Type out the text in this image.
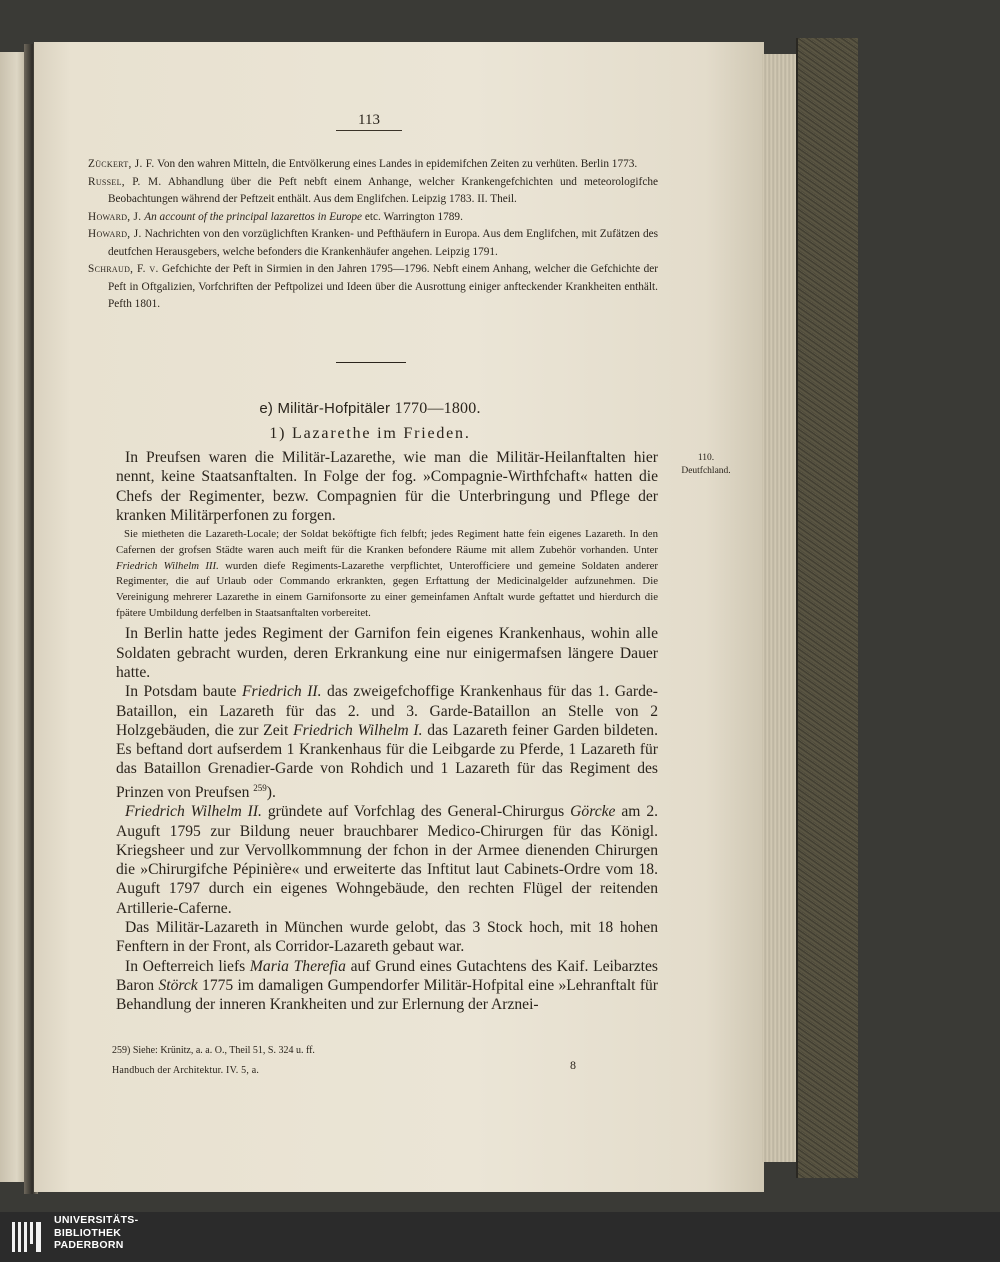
113

Zückert, J. F. Von den wahren Mitteln, die Entvölkerung eines Landes in epidemifchen Zeiten zu verhüten. Berlin 1773.

Russel, P. M. Abhandlung über die Peft nebft einem Anhange, welcher Krankengefchichten und meteorologifche Beobachtungen während der Peftzeit enthält. Aus dem Englifchen. Leipzig 1783. II. Theil.

Howard, J. An account of the principal lazarettos in Europe etc. Warrington 1789.

Howard, J. Nachrichten von den vorzüglichften Kranken- und Pefthäufern in Europa. Aus dem Englifchen, mit Zufätzen des deutfchen Herausgebers, welche befonders die Krankenhäufer angehen. Leipzig 1791.

Schraud, F. v. Gefchichte der Peft in Sirmien in den Jahren 1795—1796. Nebft einem Anhang, welcher die Gefchichte der Peft in Oftgalizien, Vorfchriften der Peftpolizei und Ideen über die Ausrottung einiger anfteckender Krankheiten enthält. Pefth 1801.

e) Militär-Hofpitäler 1770—1800.
1) Lazarethe im Frieden.
110.
Deutfchland.

In Preufsen waren die Militär-Lazarethe, wie man die Militär-Heilanftalten hier nennt, keine Staatsanftalten. In Folge der fog. »Compagnie-Wirthfchaft« hatten die Chefs der Regimenter, bezw. Compagnien für die Unterbringung und Pflege der kranken Militärperfonen zu forgen.

Sie mietheten die Lazareth-Locale; der Soldat beköftigte fich felbft; jedes Regiment hatte fein eigenes Lazareth. In den Cafernen der grofsen Städte waren auch meift für die Kranken befondere Räume mit allem Zubehör vorhanden. Unter Friedrich Wilhelm III. wurden diefe Regiments-Lazarethe verpflichtet, Unterofficiere und gemeine Soldaten anderer Regimenter, die auf Urlaub oder Commando erkrankten, gegen Erftattung der Medicinalgelder aufzunehmen. Die Vereinigung mehrerer Lazarethe in einem Garnifonsorte zu einer gemeinfamen Anftalt wurde geftattet und hierdurch die fpätere Umbildung derfelben in Staatsanftalten vorbereitet.

In Berlin hatte jedes Regiment der Garnifon fein eigenes Krankenhaus, wohin alle Soldaten gebracht wurden, deren Erkrankung eine nur einigermafsen längere Dauer hatte.

In Potsdam baute Friedrich II. das zweigefchoffige Krankenhaus für das 1. Garde-Bataillon, ein Lazareth für das 2. und 3. Garde-Bataillon an Stelle von 2 Holzgebäuden, die zur Zeit Friedrich Wilhelm I. das Lazareth feiner Garden bildeten. Es beftand dort aufserdem 1 Krankenhaus für die Leibgarde zu Pferde, 1 Lazareth für das Bataillon Grenadier-Garde von Rohdich und 1 Lazareth für das Regiment des Prinzen von Preufsen $^{259}$).

Friedrich Wilhelm II. gründete auf Vorfchlag des General-Chirurgus Görcke am 2. Auguft 1795 zur Bildung neuer brauchbarer Medico-Chirurgen für das Königl. Kriegsheer und zur Vervollkommnung der fchon in der Armee dienenden Chirurgen die »Chirurgifche Pépinière« und erweiterte das Inftitut laut Cabinets-Ordre vom 18. Auguft 1797 durch ein eigenes Wohngebäude, den rechten Flügel der reitenden Artillerie-Caferne.

Das Militär-Lazareth in München wurde gelobt, das 3 Stock hoch, mit 18 hohen Fenftern in der Front, als Corridor-Lazareth gebaut war.

In Oefterreich liefs Maria Therefia auf Grund eines Gutachtens des Kaif. Leibarztes Baron Störck 1775 im damaligen Gumpendorfer Militär-Hofpital eine »Lehranftalt für Behandlung der inneren Krankheiten und zur Erlernung der Arznei-

259) Siehe: Krünitz, a. a. O., Theil 51, S. 324 u. ff.
Handbuch der Architektur. IV. 5, a.	8
UNIVERSITÄTS-
BIBLIOTHEK
PADERBORN
